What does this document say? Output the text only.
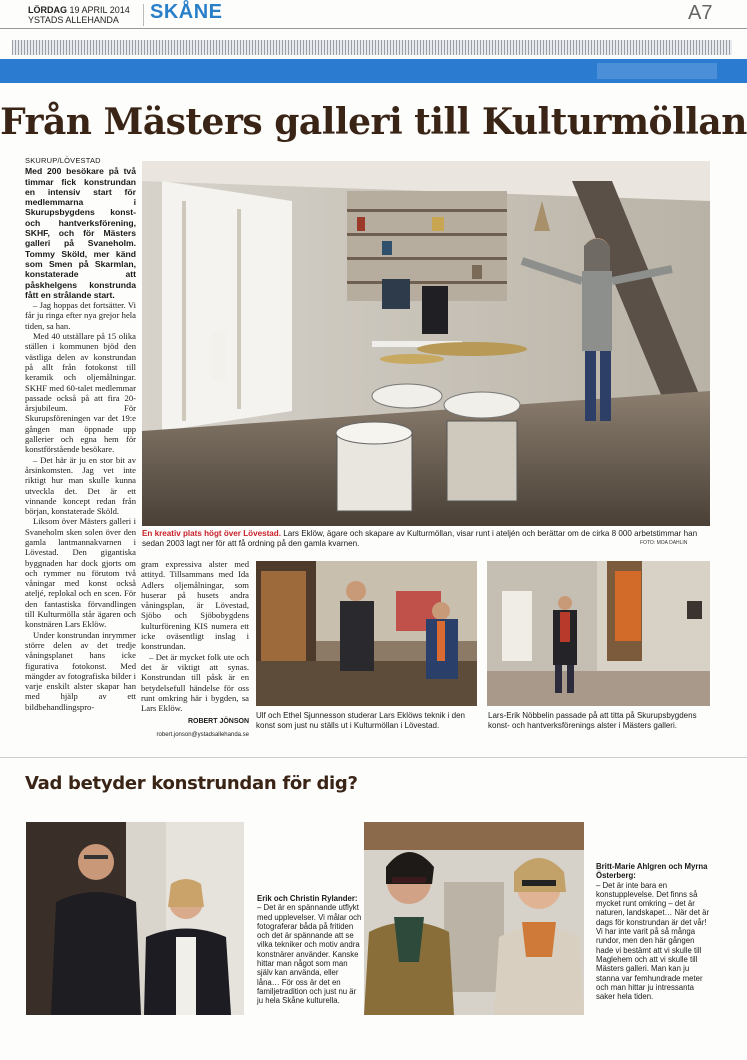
LÖRDAG 19 APRIL 2014
YSTADS ALLEHANDA	SKÅNE	A7
Från Mästers galleri till Kulturmöllan
SKURUP/LÖVESTAD

Med 200 besökare på två timmar fick konstrundan en intensiv start för medlemmarna i Skurupsbygdens konst- och hantverksförening, SKHF, och för Mästers galleri på Svaneholm. Tommy Sköld, mer känd som Smen på Skarmlan, konstaterade att påskhelgens konstrunda fått en strålande start.

– Jag hoppas det fortsätter. Vi får ju ringa efter nya grejor hela tiden, sa han.

Med 40 utställare på 15 olika ställen i kommunen bjöd den västliga delen av konstrundan på allt från fotokonst till keramik och oljemålningar. SKHF med 60-talet medlemmar passade också på att fira 20-årsjubileum. För Skurupsföreningen var det 19:e gången man öppnade upp gallerier och egna hem för konstförstående besökare.

– Det här är ju en stor bit av årsinkomsten. Jag vet inte riktigt hur man skulle kunna utveckla det. Det är ett vinnande koncept redan från början, konstaterade Sköld.

Liksom över Mästers galleri i Svaneholm sken solen över den gamla lantmannakvarnen i Lövestad. Den gigantiska byggnaden har dock gjorts om och rymmer nu förutom två våningar med konst också ateljé, replokal och en scen. För den fantastiska förvandlingen till Kulturmölla står ägaren och konstnären Lars Eklöw.

Under konstrundan inrymmer större delen av det tredje våningsplanet hans icke figurativa fotokonst. Med mängder av fotografiska bilder i varje enskilt alster skapar han med hjälp av ett bildbehandlingspro-

En kreativ plats högt över Lövestad. Lars Eklöw, ägare och skapare av Kulturmöllan, visar runt i ateljén och berättar om de cirka 8 000 arbetstimmar han sedan 2003 lagt ner för att få ordning på den gamla kvarnen.	FOTO: MOA DAHLIN

gram expressiva alster med attityd. Tillsammans med Ida Adlers oljemålningar, som huserar på husets andra våningsplan, är Lövestad, Sjöbo och Sjöbobygdens kulturförening KIS numera ett icke oväsentligt inslag i konstrundan.

– Det är mycket folk ute och det är viktigt att synas. Konstrundan till påsk är en betydelsefull händelse för oss runt omkring här i bygden, sa Lars Eklöw.

ROBERT JÖNSON
robert.jonson@ystadsallehanda.se
Ulf och Ethel Sjunnesson studerar Lars Eklöws teknik i den konst som just nu ställs ut i Kulturmöllan i Lövestad.
Lars-Erik Nöbbelin passade på att titta på Skurupsbygdens konst- och hantverksförenings alster i Mästers galleri.
Vad betyder konstrundan för dig?
Erik och Christin Rylander:
– Det är en spännande utflykt med upplevelser. Vi målar och fotograferar båda på fritiden och det är spännande att se vilka tekniker och motiv andra konstnärer använder. Kanske hittar man något som man själv kan använda, eller låna… För oss är det en familjetradition och just nu är ju hela Skåne kulturella.
Britt-Marie Ahlgren och Myrna Österberg:
– Det är inte bara en konstupplevelse. Det finns så mycket runt omkring – det är naturen, landskapet… När det är dags för konstrundan är det vår! Vi har inte varit på så många rundor, men den här gången hade vi bestämt att vi skulle till Maglehem och att vi skulle till Mästers galleri. Man kan ju stanna var femhundrade meter och man hittar ju intressanta saker hela tiden.
